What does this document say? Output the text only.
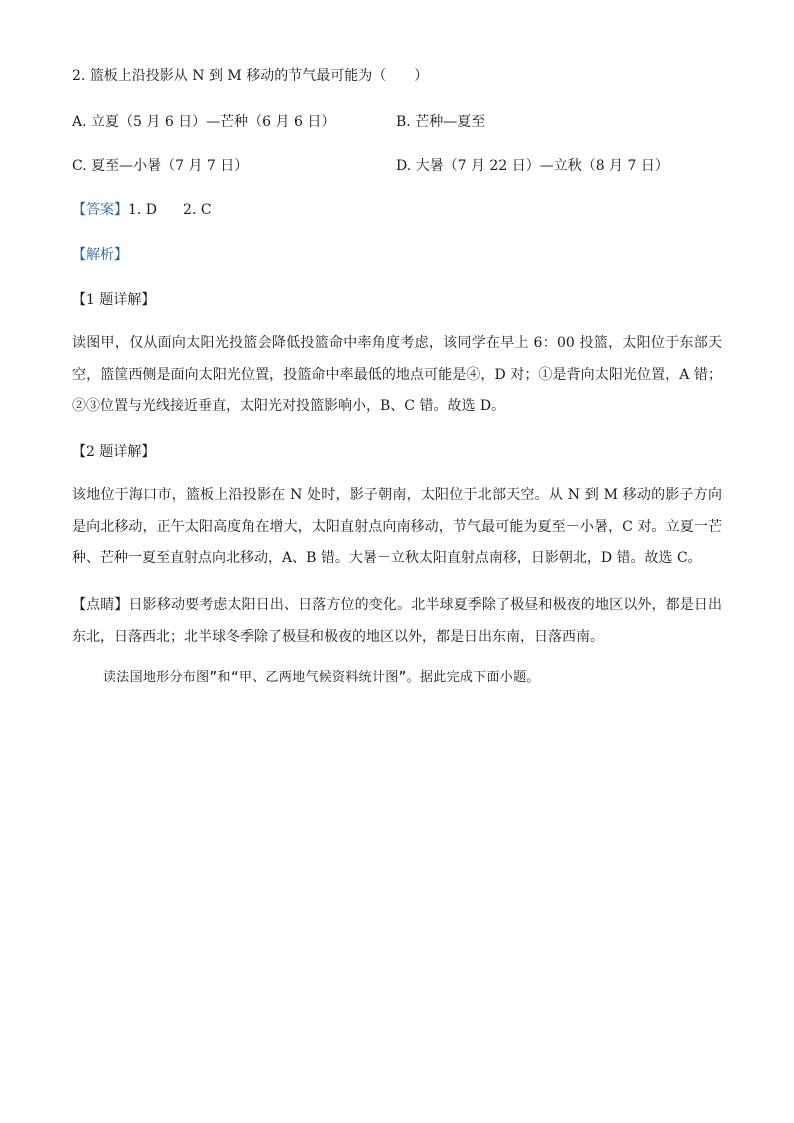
2. 篮板上沿投影从 N 到 M 移动的节气最可能为（　　）
A. 立夏（5 月 6 日）—芒种（6 月 6 日）	B. 芒种—夏至
C. 夏至—小暑（7 月 7 日）	D. 大暑（7 月 22 日）—立秋（8 月 7 日）
【答案】1. D 2. C
【解析】
【1 题详解】
读图甲，仅从面向太阳光投篮会降低投篮命中率角度考虑，该同学在早上 6：00 投篮，太阳位于东部天空，篮筐西侧是面向太阳光位置，投篮命中率最低的地点可能是④，D 对；①是背向太阳光位置，A 错；②③位置与光线接近垂直，太阳光对投篮影响小，B、C 错。故选 D。
【2 题详解】
该地位于海口市，篮板上沿投影在 N 处时，影子朝南，太阳位于北部天空。从 N 到 M 移动的影子方向是向北移动，正午太阳高度角在增大，太阳直射点向南移动，节气最可能为夏至－小暑，C 对。立夏一芒种、芒种一夏至直射点向北移动，A、B 错。大暑－立秋太阳直射点南移，日影朝北，D 错。故选 C。
【点睛】日影移动要考虑太阳日出、日落方位的变化。北半球夏季除了极昼和极夜的地区以外，都是日出东北，日落西北；北半球冬季除了极昼和极夜的地区以外，都是日出东南，日落西南。
读法国地形分布图”和“甲、乙两地气候资料统计图”。据此完成下面小题。
